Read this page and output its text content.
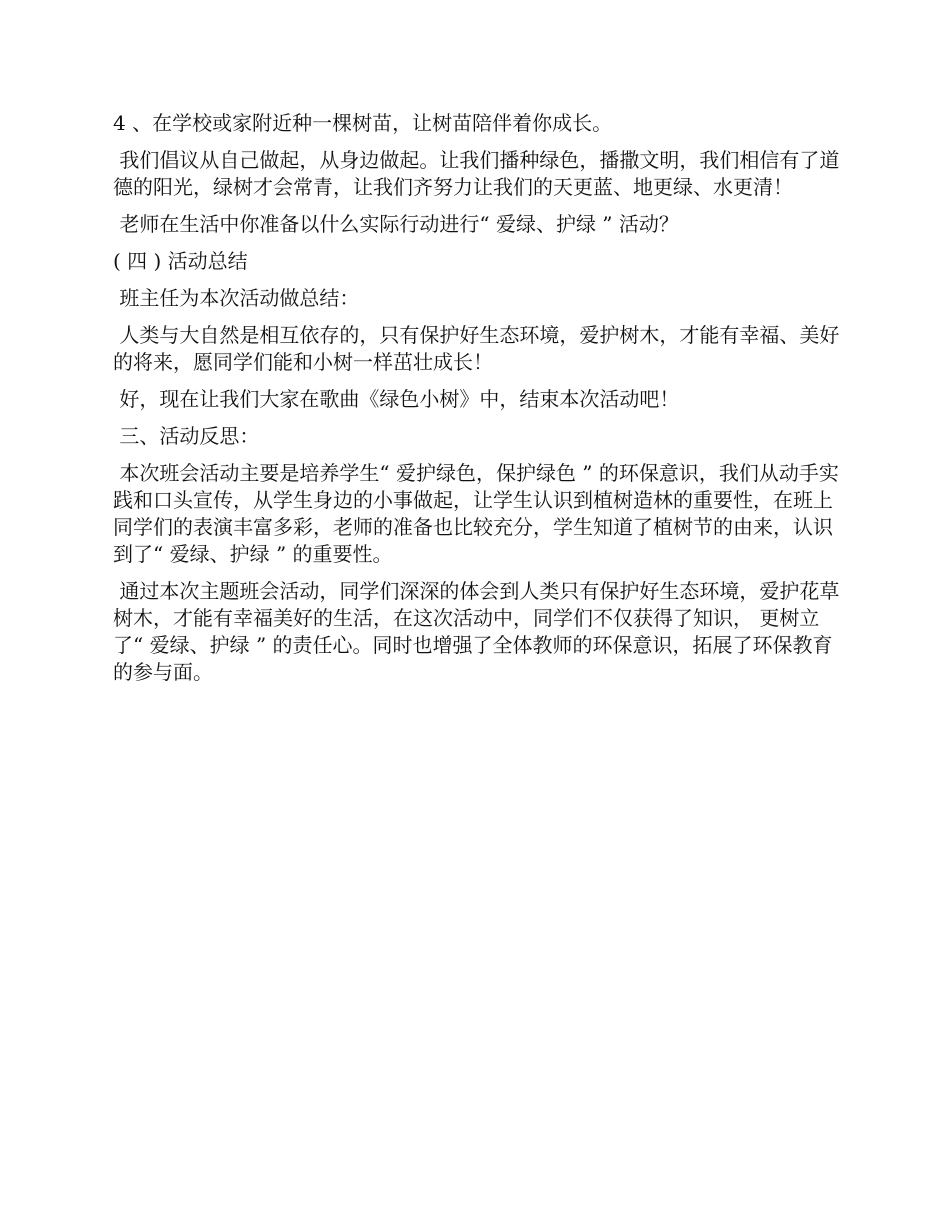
4 、在学校或家附近种一棵树苗，让树苗陪伴着你成长。

我们倡议从自己做起，从身边做起。让我们播种绿色，播撒文明，我们相信有了道德的阳光，绿树才会常青，让我们齐努力让我们的天更蓝、地更绿、水更清！

老师在生活中你准备以什么实际行动进行“ 爱绿、护绿 ” 活动？

( 四 ) 活动总结

班主任为本次活动做总结：

人类与大自然是相互依存的，只有保护好生态环境，爱护树木，才能有幸福、美好的将来，愿同学们能和小树一样茁壮成长！

好，现在让我们大家在歌曲《绿色小树》中，结束本次活动吧！

三、活动反思：

本次班会活动主要是培养学生“ 爱护绿色，保护绿色 ” 的环保意识，我们从动手实践和口头宣传，从学生身边的小事做起，让学生认识到植树造林的重要性，在班上同学们的表演丰富多彩，老师的准备也比较充分，学生知道了植树节的由来，认识到了“ 爱绿、护绿 ” 的重要性。

通过本次主题班会活动，同学们深深的体会到人类只有保护好生态环境，爱护花草树木，才能有幸福美好的生活，在这次活动中，同学们不仅获得了知识， 更树立了“ 爱绿、护绿 ” 的责任心。同时也增强了全体教师的环保意识，拓展了环保教育的参与面。
